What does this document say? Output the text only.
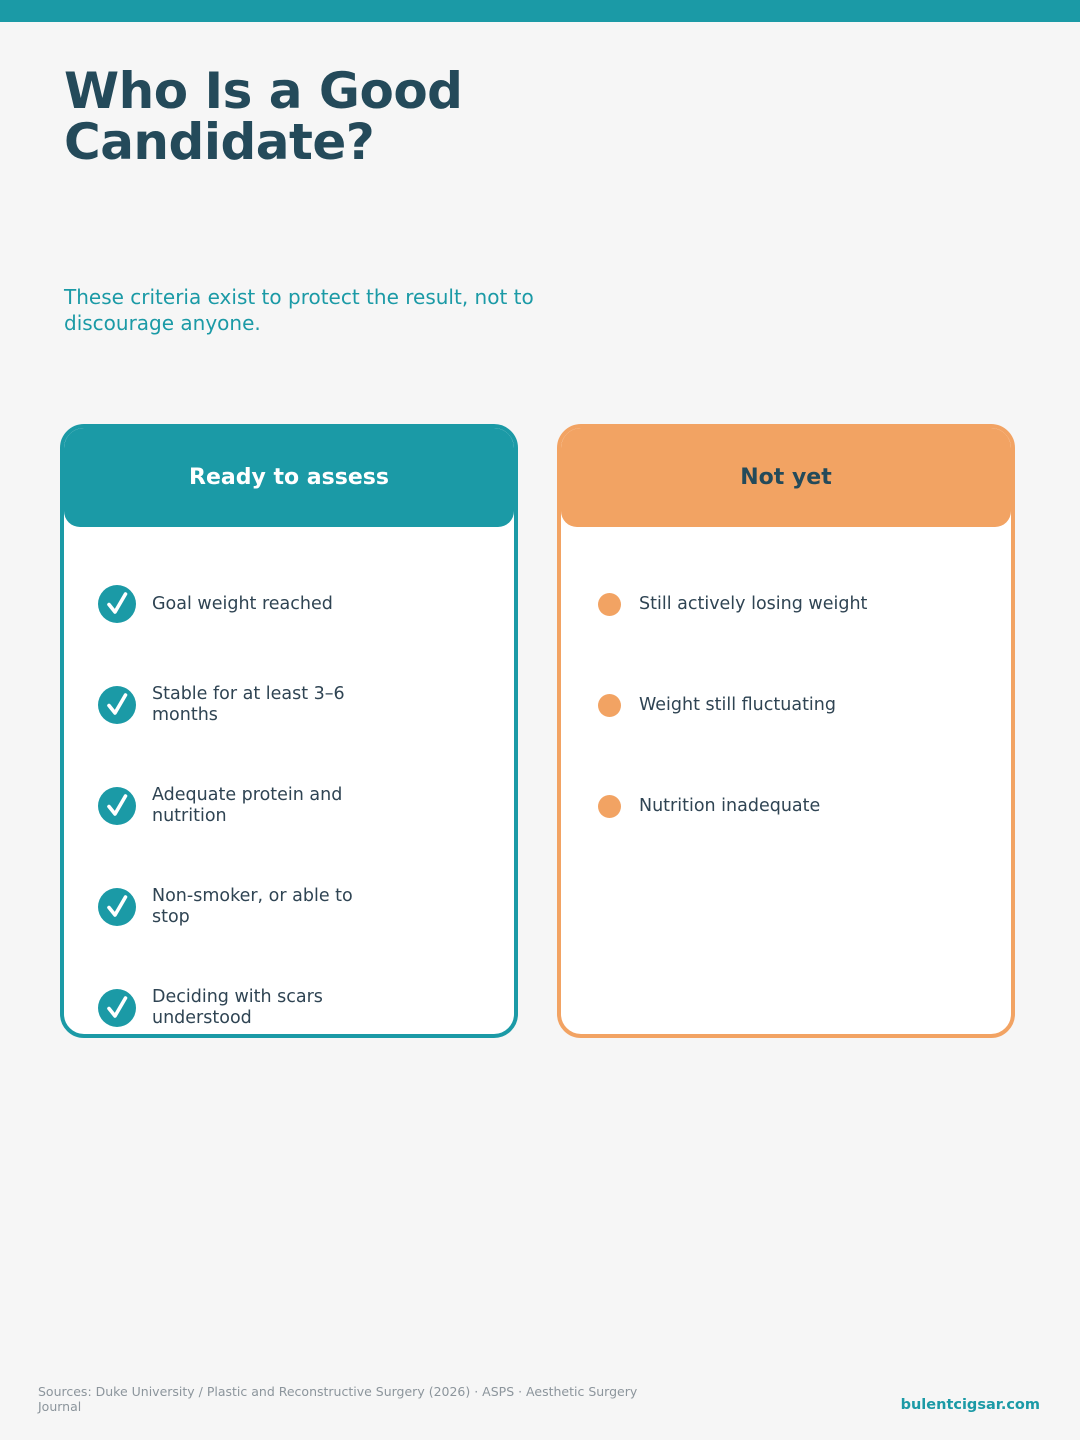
Who Is a Good Candidate?

These criteria exist to protect the result, not to discourage anyone.

Ready to assess
Goal weight reached
Stable for at least 3–6 months
Adequate protein and nutrition
Non-smoker, or able to stop
Deciding with scars understood
Not yet
Still actively losing weight
Weight still fluctuating
Nutrition inadequate

Sources: Duke University / Plastic and Reconstructive Surgery (2026) · ASPS · Aesthetic Surgery Journal	bulentcigsar.com
